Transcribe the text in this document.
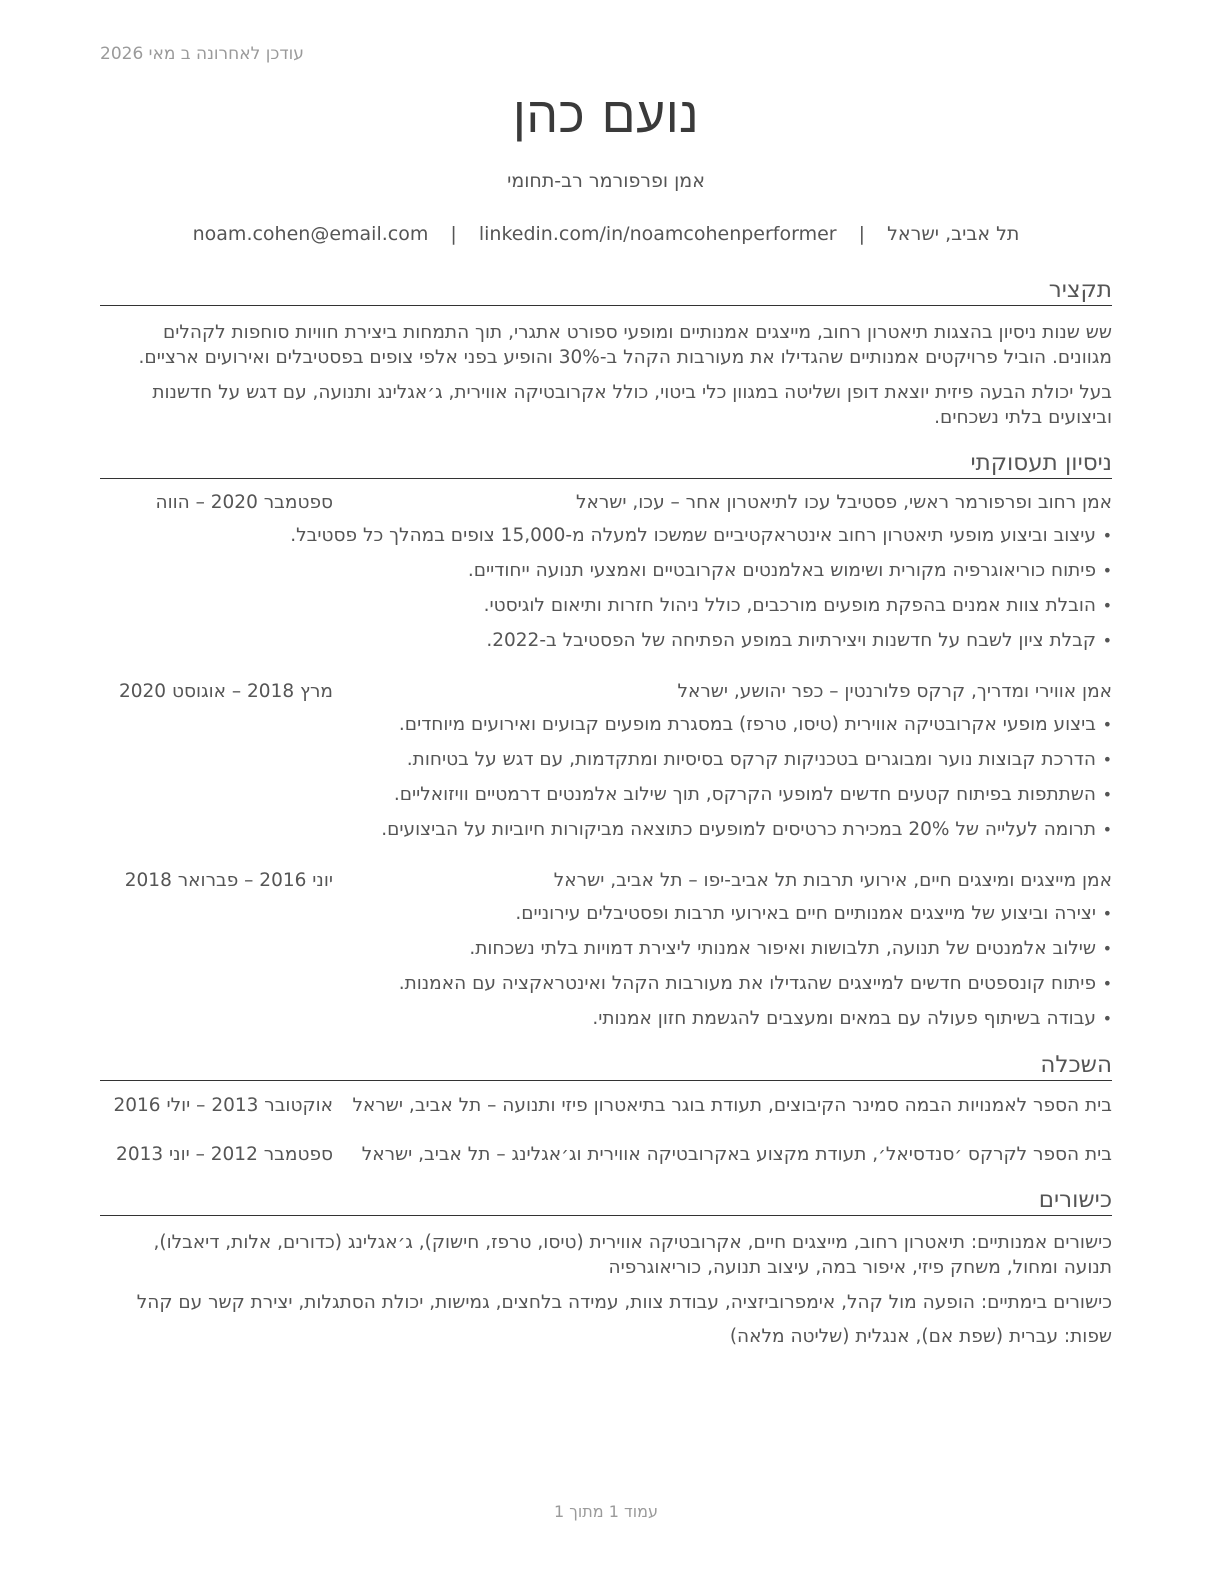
עודכן לאחרונה ב מאי 2026
נועם כהן
אמן ופרפורמר רב-תחומי
תל אביב, ישראל | noam.cohen@email.com | linkedin.com/in/noamcohenperformer
תקציר
שש שנות ניסיון בהצגות תיאטרון רחוב, מייצגים אמנותיים ומופעי ספורט אתגרי, תוך התמחות ביצירת חוויות סוחפות לקהלים מגוונים. הוביל פרויקטים אמנותיים שהגדילו את מעורבות הקהל ב-30% והופיע בפני אלפי צופים בפסטיבלים ואירועים ארציים.
בעל יכולת הבעה פיזית יוצאת דופן ושליטה במגוון כלי ביטוי, כולל אקרובטיקה אווירית, ג׳אגלינג ותנועה, עם דגש על חדשנות וביצועים בלתי נשכחים.
ניסיון תעסוקתי
אמן רחוב ופרפורמר ראשי, פסטיבל עכו לתיאטרון אחר – עכו, ישראל
ספטמבר 2020 – הווה
• עיצוב וביצוע מופעי תיאטרון רחוב אינטראקטיביים שמשכו למעלה מ-15,000 צופים במהלך כל פסטיבל.
• פיתוח כוריאוגרפיה מקורית ושימוש באלמנטים אקרובטיים ואמצעי תנועה ייחודיים.
• הובלת צוות אמנים בהפקת מופעים מורכבים, כולל ניהול חזרות ותיאום לוגיסטי.
• קבלת ציון לשבח על חדשנות ויצירתיות במופע הפתיחה של הפסטיבל ב-2022.
אמן אווירי ומדריך, קרקס פלורנטין – כפר יהושע, ישראל
מרץ 2018 – אוגוסט 2020
• ביצוע מופעי אקרובטיקה אווירית (טיסו, טרפז) במסגרת מופעים קבועים ואירועים מיוחדים.
• הדרכת קבוצות נוער ומבוגרים בטכניקות קרקס בסיסיות ומתקדמות, עם דגש על בטיחות.
• השתתפות בפיתוח קטעים חדשים למופעי הקרקס, תוך שילוב אלמנטים דרמטיים וויזואליים.
• תרומה לעלייה של 20% במכירת כרטיסים למופעים כתוצאה מביקורות חיוביות על הביצועים.
אמן מייצגים ומיצגים חיים, אירועי תרבות תל אביב-יפו – תל אביב, ישראל
יוני 2016 – פברואר 2018
• יצירה וביצוע של מייצגים אמנותיים חיים באירועי תרבות ופסטיבלים עירוניים.
• שילוב אלמנטים של תנועה, תלבושות ואיפור אמנותי ליצירת דמויות בלתי נשכחות.
• פיתוח קונספטים חדשים למייצגים שהגדילו את מעורבות הקהל ואינטראקציה עם האמנות.
• עבודה בשיתוף פעולה עם במאים ומעצבים להגשמת חזון אמנותי.
השכלה
בית הספר לאמנויות הבמה סמינר הקיבוצים, תעודת בוגר בתיאטרון פיזי ותנועה – תל אביב, ישראל
אוקטובר 2013 – יולי 2016
בית הספר לקרקס ׳סנדסיאל׳, תעודת מקצוע באקרובטיקה אווירית וג׳אגלינג – תל אביב, ישראל
ספטמבר 2012 – יוני 2013
כישורים
כישורים אמנותיים: תיאטרון רחוב, מייצגים חיים, אקרובטיקה אווירית (טיסו, טרפז, חישוק), ג׳אגלינג (כדורים, אלות, דיאבלו), תנועה ומחול, משחק פיזי, איפור במה, עיצוב תנועה, כוריאוגרפיה
כישורים בימתיים: הופעה מול קהל, אימפרוביזציה, עבודת צוות, עמידה בלחצים, גמישות, יכולת הסתגלות, יצירת קשר עם קהל
שפות: עברית (שפת אם), אנגלית (שליטה מלאה)
עמוד 1 מתוך 1
